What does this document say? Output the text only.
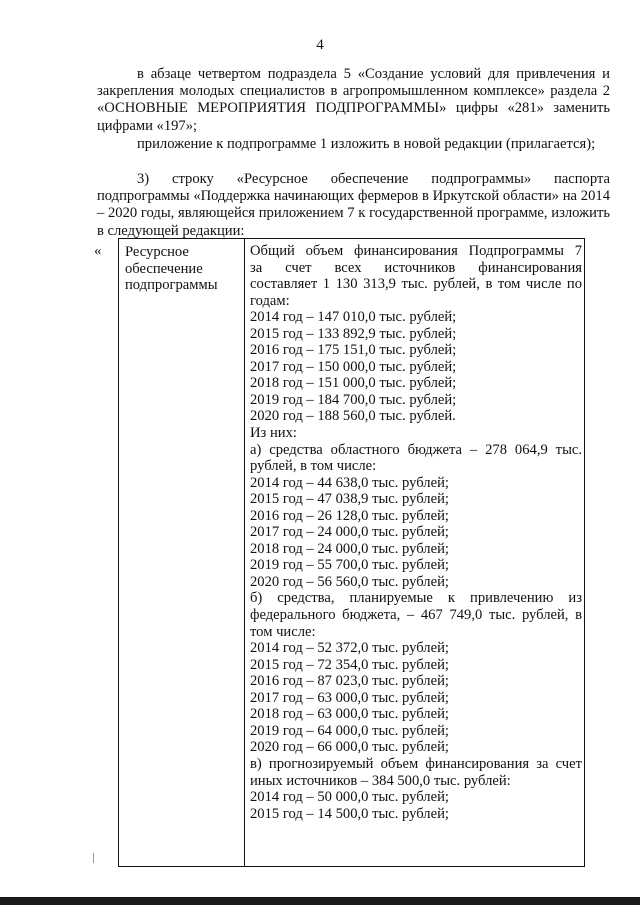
4

в абзаце четвертом подраздела 5 «Создание условий для привлечения и закрепления молодых специалистов в агропромышленном комплексе» раздела 2 «ОСНОВНЫЕ МЕРОПРИЯТИЯ ПОДПРОГРАММЫ» цифры «281» заменить цифрами «197»;

приложение к подпрограмме 1 изложить в новой редакции (прилагается);

3) строку «Ресурсное обеспечение подпрограммы» паспорта подпрограммы «Поддержка начинающих фермеров в Иркутской области» на 2014 – 2020 годы, являющейся приложением 7 к государственной программе, изложить в следующей редакции:

« Ресурсное
обеспечение
подпрограммы
Общий объем финансирования Подпрограммы 7
за счет всех источников финансирования
составляет 1 130 313,9 тыс. рублей, в том числе по
годам:
2014 год – 147 010,0 тыс. рублей;
2015 год – 133 892,9 тыс. рублей;
2016 год – 175 151,0 тыс. рублей;
2017 год – 150 000,0 тыс. рублей;
2018 год – 151 000,0 тыс. рублей;
2019 год – 184 700,0 тыс. рублей;
2020 год – 188 560,0 тыс. рублей.
Из них:
а) средства областного бюджета – 278 064,9 тыс.
рублей, в том числе:
2014 год – 44 638,0 тыс. рублей;
2015 год – 47 038,9 тыс. рублей;
2016 год – 26 128,0 тыс. рублей;
2017 год – 24 000,0 тыс. рублей;
2018 год – 24 000,0 тыс. рублей;
2019 год – 55 700,0 тыс. рублей;
2020 год – 56 560,0 тыс. рублей;
б) средства, планируемые к привлечению из
федерального бюджета, – 467 749,0 тыс. рублей, в
том числе:
2014 год – 52 372,0 тыс. рублей;
2015 год – 72 354,0 тыс. рублей;
2016 год – 87 023,0 тыс. рублей;
2017 год – 63 000,0 тыс. рублей;
2018 год – 63 000,0 тыс. рублей;
2019 год – 64 000,0 тыс. рублей;
2020 год – 66 000,0 тыс. рублей;
в) прогнозируемый объем финансирования за счет
иных источников – 384 500,0 тыс. рублей:
2014 год – 50 000,0 тыс. рублей;
2015 год – 14 500,0 тыс. рублей;
